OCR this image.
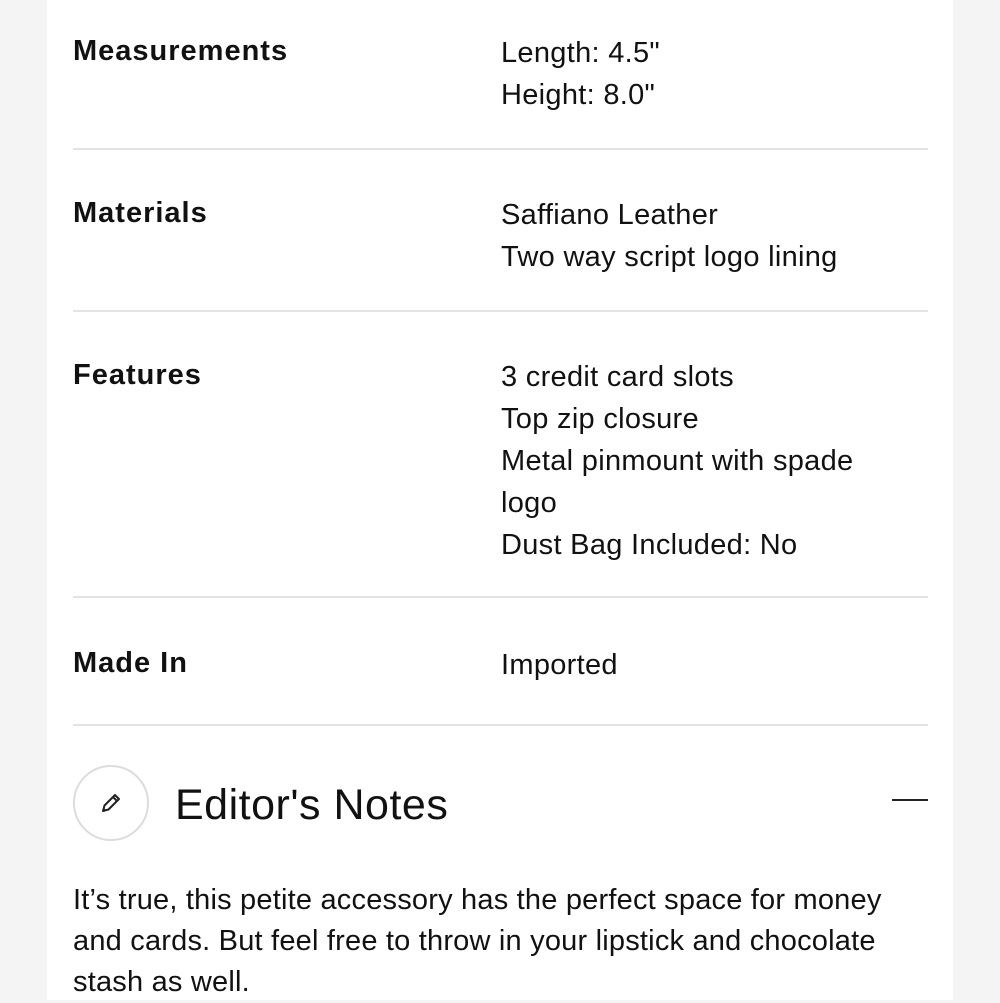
Measurements	Length: 4.5"
Height: 8.0"
Materials	Saffiano Leather
Two way script logo lining
Features	3 credit card slots
Top zip closure
Metal pinmount with spade
logo
Dust Bag Included: No
Made In	Imported
Editor's Notes
It’s true, this petite accessory has the perfect space for money and cards. But feel free to throw in your lipstick and chocolate stash as well.
